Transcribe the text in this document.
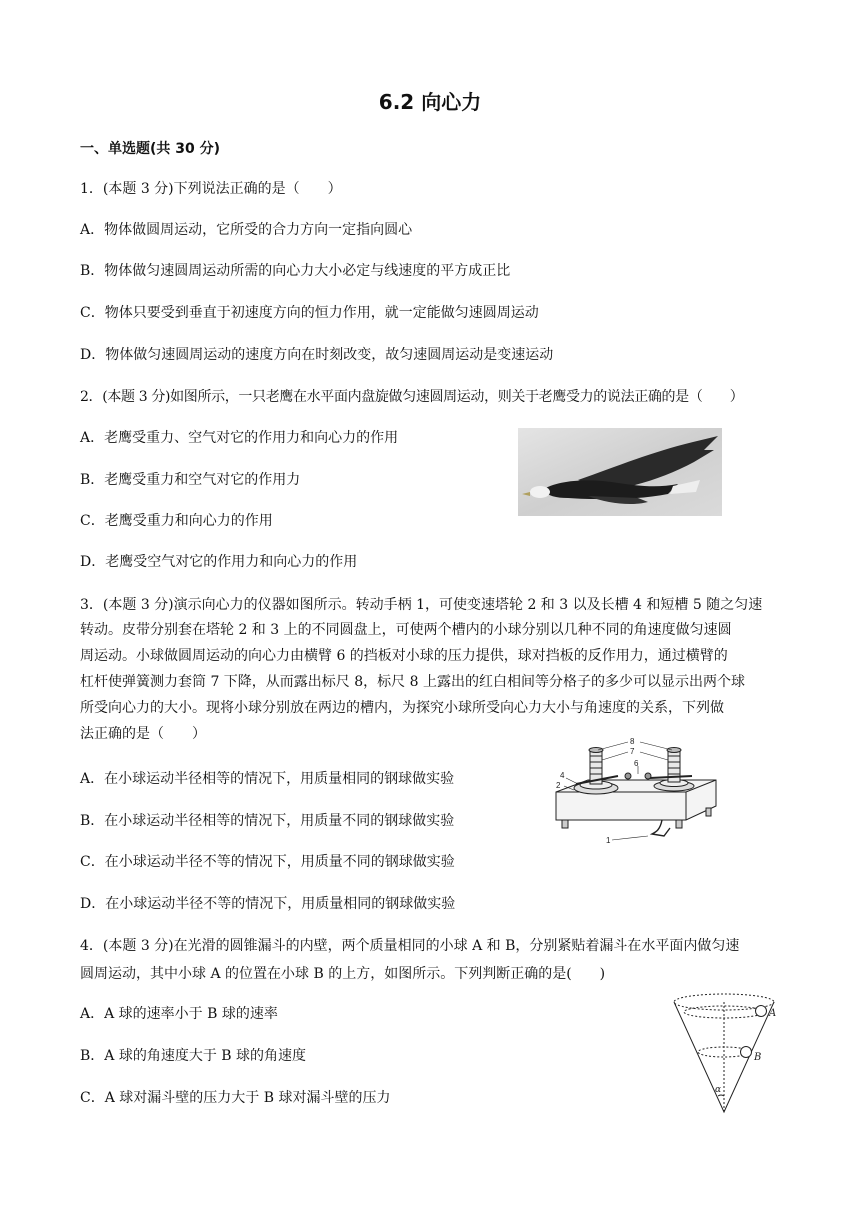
6.2 向心力
一、单选题(共 30 分)
1．(本题 3 分)下列说法正确的是（　　）
A．物体做圆周运动，它所受的合力方向一定指向圆心
B．物体做匀速圆周运动所需的向心力大小必定与线速度的平方成正比
C．物体只要受到垂直于初速度方向的恒力作用，就一定能做匀速圆周运动
D．物体做匀速圆周运动的速度方向在时刻改变，故匀速圆周运动是变速运动
2．(本题 3 分)如图所示，一只老鹰在水平面内盘旋做匀速圆周运动，则关于老鹰受力的说法正确的是（　　）
A．老鹰受重力、空气对它的作用力和向心力的作用
B．老鹰受重力和空气对它的作用力
C．老鹰受重力和向心力的作用
D．老鹰受空气对它的作用力和向心力的作用
3．(本题 3 分)演示向心力的仪器如图所示。转动手柄 1，可使变速塔轮 2 和 3 以及长槽 4 和短槽 5 随之匀速
转动。皮带分别套在塔轮 2 和 3 上的不同圆盘上，可使两个槽内的小球分别以几种不同的角速度做匀速圆
周运动。小球做圆周运动的向心力由横臂 6 的挡板对小球的压力提供，球对挡板的反作用力，通过横臂的
杠杆使弹簧测力套筒 7 下降，从而露出标尺 8，标尺 8 上露出的红白相间等分格子的多少可以显示出两个球
所受向心力的大小。现将小球分别放在两边的槽内，为探究小球所受向心力大小与角速度的关系，下列做
法正确的是（　　）
A．在小球运动半径相等的情况下，用质量相同的钢球做实验
B．在小球运动半径相等的情况下，用质量不同的钢球做实验
C．在小球运动半径不等的情况下，用质量不同的钢球做实验
D．在小球运动半径不等的情况下，用质量相同的钢球做实验
8
7
6
4
2
1
4．(本题 3 分)在光滑的圆锥漏斗的内壁，两个质量相同的小球 A 和 B，分别紧贴着漏斗在水平面内做匀速
圆周运动，其中小球 A 的位置在小球 B 的上方，如图所示。下列判断正确的是(　　)
A．A 球的速率小于 B 球的速率
B．A 球的角速度大于 B 球的角速度
C．A 球对漏斗壁的压力大于 B 球对漏斗壁的压力
A
B
α
